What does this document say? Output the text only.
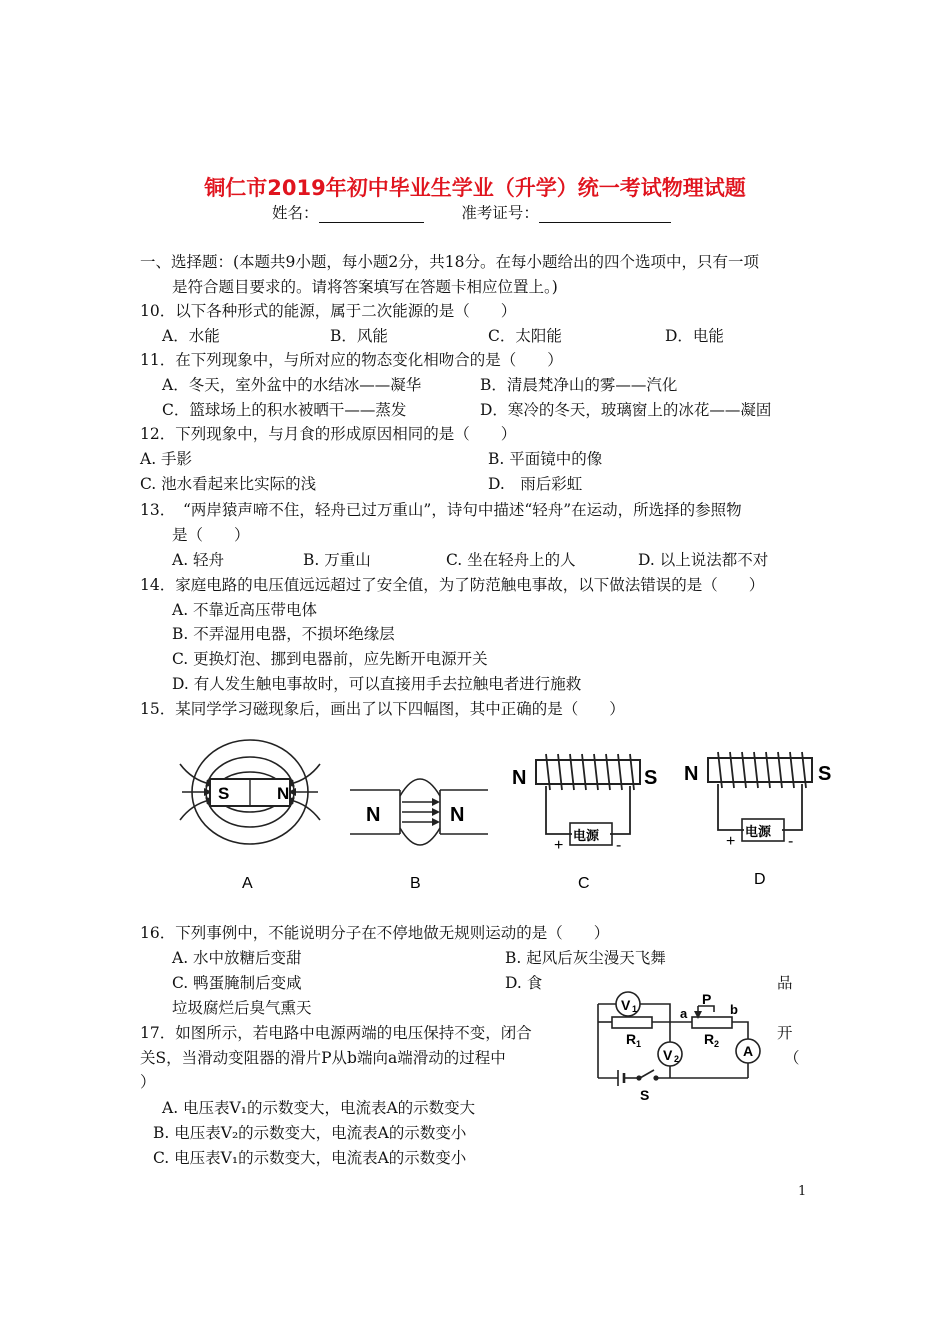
铜仁市2019年初中毕业生学业（升学）统一考试物理试题
姓名：	准考证号：
一、选择题：(本题共9小题，每小题2分，共18分。在每小题给出的四个选项中，只有一项
是符合题目要求的。请将答案填写在答题卡相应位置上。)
10．以下各种形式的能源，属于二次能源的是（　　）
A．水能	B．风能	C．太阳能	D．电能
11．在下列现象中，与所对应的物态变化相吻合的是（　　）
A．冬天，室外盆中的水结冰——凝华	B．清晨梵净山的雾——汽化
C．篮球场上的积水被晒干——蒸发	D．寒冷的冬天，玻璃窗上的冰花——凝固
12．下列现象中，与月食的形成原因相同的是（　　）
A. 手影	B. 平面镜中的像
C. 池水看起来比实际的浅	D.　雨后彩虹
13．　“两岸猿声啼不住，轻舟已过万重山”，诗句中描述“轻舟”在运动，所选择的参照物
是（　　）
A. 轻舟	B. 万重山	C. 坐在轻舟上的人	D. 以上说法都不对
14．家庭电路的电压值远远超过了安全值，为了防范触电事故，以下做法错误的是（　　）
A. 不靠近高压带电体
B. 不弄湿用电器，不损坏绝缘层
C. 更换灯泡、挪到电器前，应先断开电源开关
D. 有人发生触电事故时，可以直接用手去拉触电者进行施救
15．某同学学习磁现象后，画出了以下四幅图，其中正确的是（　　）
S	N
A
N	N
B
N	S
电源
+	-
C
N	S
电源
+	-
D
16．下列事例中，不能说明分子在不停地做无规则运动的是（　　）
A. 水中放糖后变甜	B. 起风后灰尘漫天飞舞
C. 鸭蛋腌制后变咸	D. 食	品
垃圾腐烂后臭气熏天
17．如图所示，若电路中电源两端的电压保持不变，闭合	开
关S，当滑动变阻器的滑片P从b端向a端滑动的过程中	（
）
A. 电压表V₁的示数变大，电流表A的示数变大
B. 电压表V₂的示数变大，电流表A的示数变小
C. 电压表V₁的示数变大，电流表A的示数变小
V 1
V 2	A
R 1	R 2
P
a	b
S
1
